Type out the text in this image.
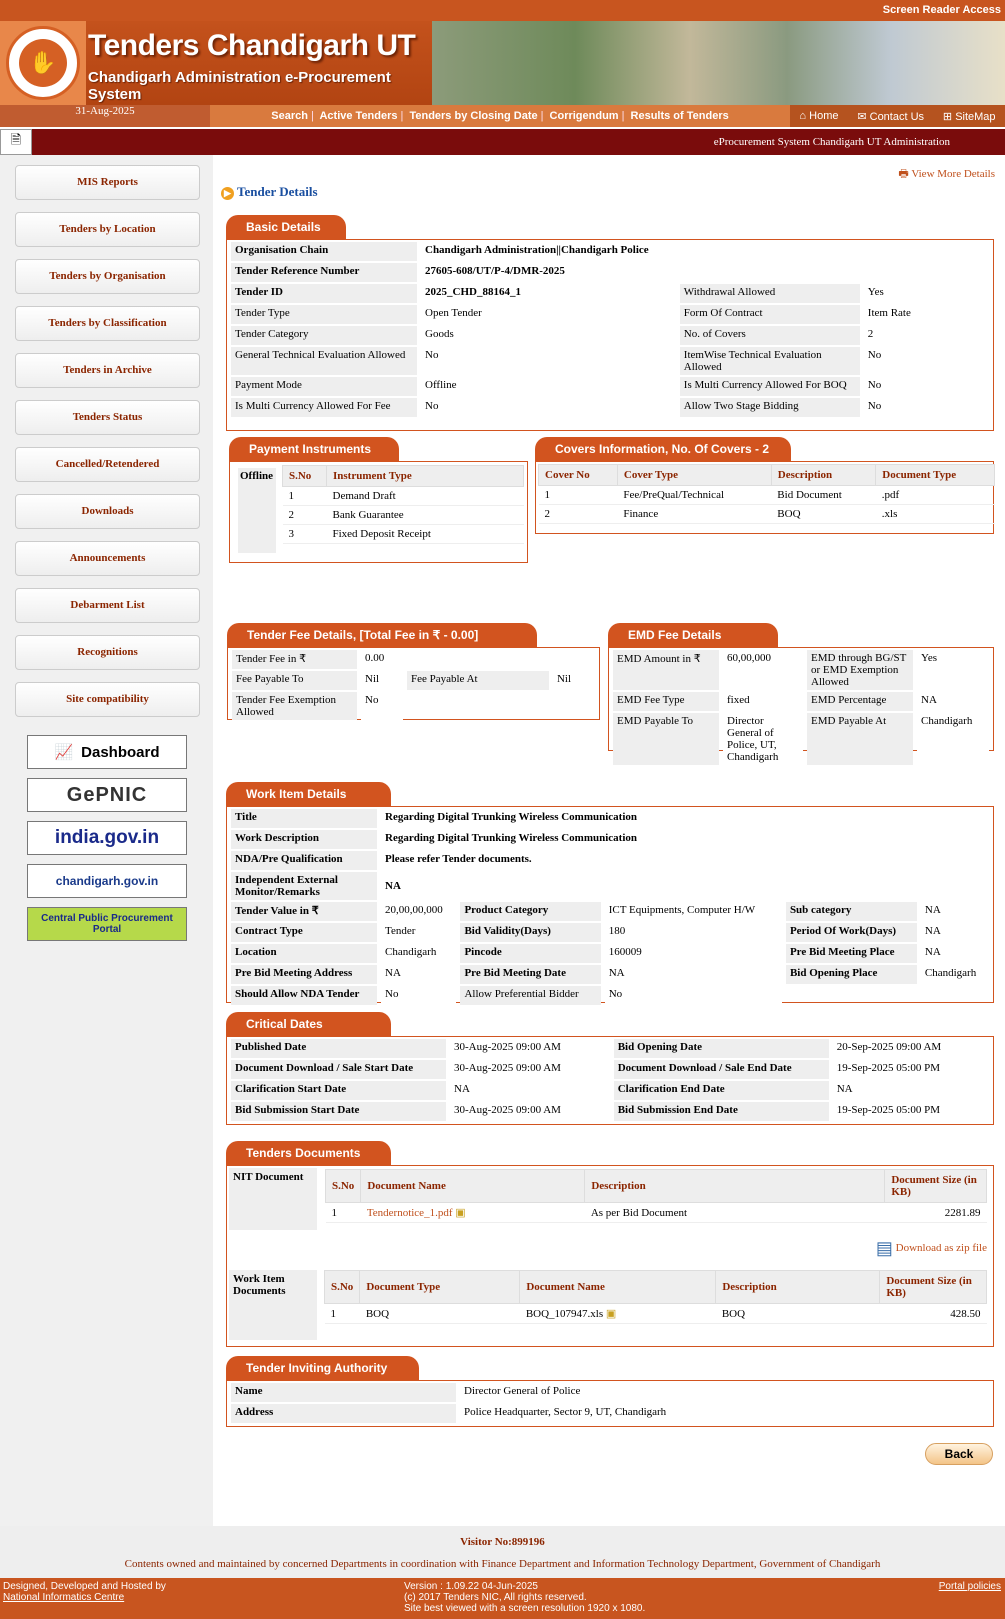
Screen Reader Access
✋
Tenders Chandigarh UT
Chandigarh Administration e-Procurement System
31-Aug-2025	Search | Active Tenders | Tenders by Closing Date | Corrigendum | Results of Tenders	⌂ Home ✉ Contact Us ⊞ SiteMap
🗎	eProcurement System Chandigarh UT Administration
MIS Reports
Tenders by Location
Tenders by Organisation
Tenders by Classification
Tenders in Archive
Tenders Status
Cancelled/Retendered
Downloads
Announcements
Debarment List
Recognitions
Site compatibility
📈 Dashboard
GePNIC
india.gov.in
chandigarh.gov.in
Central Public Procurement Portal
🖶 View More Details
▶ Tender Details
Basic Details
Organisation Chain	Chandigarh Administration||Chandigarh Police		
Tender Reference Number	27605-608/UT/P-4/DMR-2025		
Tender ID	2025_CHD_88164_1	Withdrawal Allowed	Yes
Tender Type	Open Tender	Form Of Contract	Item Rate
Tender Category	Goods	No. of Covers	2
General Technical Evaluation Allowed	No	ItemWise Technical Evaluation Allowed	No
Payment Mode	Offline	Is Multi Currency Allowed For BOQ	No
Is Multi Currency Allowed For Fee	No	Allow Two Stage Bidding	No
Payment Instruments
Offline S.No	Instrument Type
1	Demand Draft
2	Bank Guarantee
3	Fixed Deposit Receipt
Covers Information, No. Of Covers - 2
Cover No	Cover Type	Description	Document Type
1	Fee/PreQual/Technical	Bid Document	.pdf
2	Finance	BOQ	.xls
Tender Fee Details, [Total Fee in ₹ - 0.00]
Tender Fee in ₹	0.00		
Fee Payable To	Nil	Fee Payable At	Nil
Tender Fee Exemption Allowed	No		
EMD Fee Details
EMD Amount in ₹	60,00,000	EMD through BG/ST or EMD Exemption Allowed	Yes
EMD Fee Type	fixed	EMD Percentage	NA
EMD Payable To	Director General of Police, UT, Chandigarh	EMD Payable At	Chandigarh
Work Item Details
Title	Regarding Digital Trunking Wireless Communication				
Work Description	Regarding Digital Trunking Wireless Communication				
NDA/Pre Qualification	Please refer Tender documents.				
Independent External Monitor/Remarks	NA				
Tender Value in ₹	20,00,00,000	Product Category	ICT Equipments, Computer H/W	Sub category	NA
Contract Type	Tender	Bid Validity(Days)	180	Period Of Work(Days)	NA
Location	Chandigarh	Pincode	160009	Pre Bid Meeting Place	NA
Pre Bid Meeting Address	NA	Pre Bid Meeting Date	NA	Bid Opening Place	Chandigarh
Should Allow NDA Tender	No	Allow Preferential Bidder	No		
Critical Dates
Published Date	30-Aug-2025 09:00 AM	Bid Opening Date	20-Sep-2025 09:00 AM
Document Download / Sale Start Date	30-Aug-2025 09:00 AM	Document Download / Sale End Date	19-Sep-2025 05:00 PM
Clarification Start Date	NA	Clarification End Date	NA
Bid Submission Start Date	30-Aug-2025 09:00 AM	Bid Submission End Date	19-Sep-2025 05:00 PM
Tenders Documents
NIT Document
S.No	Document Name	Description	Document Size (in KB)
1	Tendernotice_1.pdf ▣	As per Bid Document	2281.89
▤ Download as zip file
Work Item Documents	S.No	Document Type	Document Name	Description	Document Size (in KB)
1	BOQ	BOQ_107947.xls ▣	BOQ	428.50
Tender Inviting Authority
Name	Director General of Police
Address	Police Headquarter, Sector 9, UT, Chandigarh
Back
Visitor No:899196
Contents owned and maintained by concerned Departments in coordination with Finance Department and Information Technology Department, Government of Chandigarh
Designed, Developed and Hosted by
National Informatics Centre
Version : 1.09.22 04-Jun-2025
(c) 2017 Tenders NIC, All rights reserved.
Site best viewed with a screen resolution 1920 x 1080.
Portal policies
